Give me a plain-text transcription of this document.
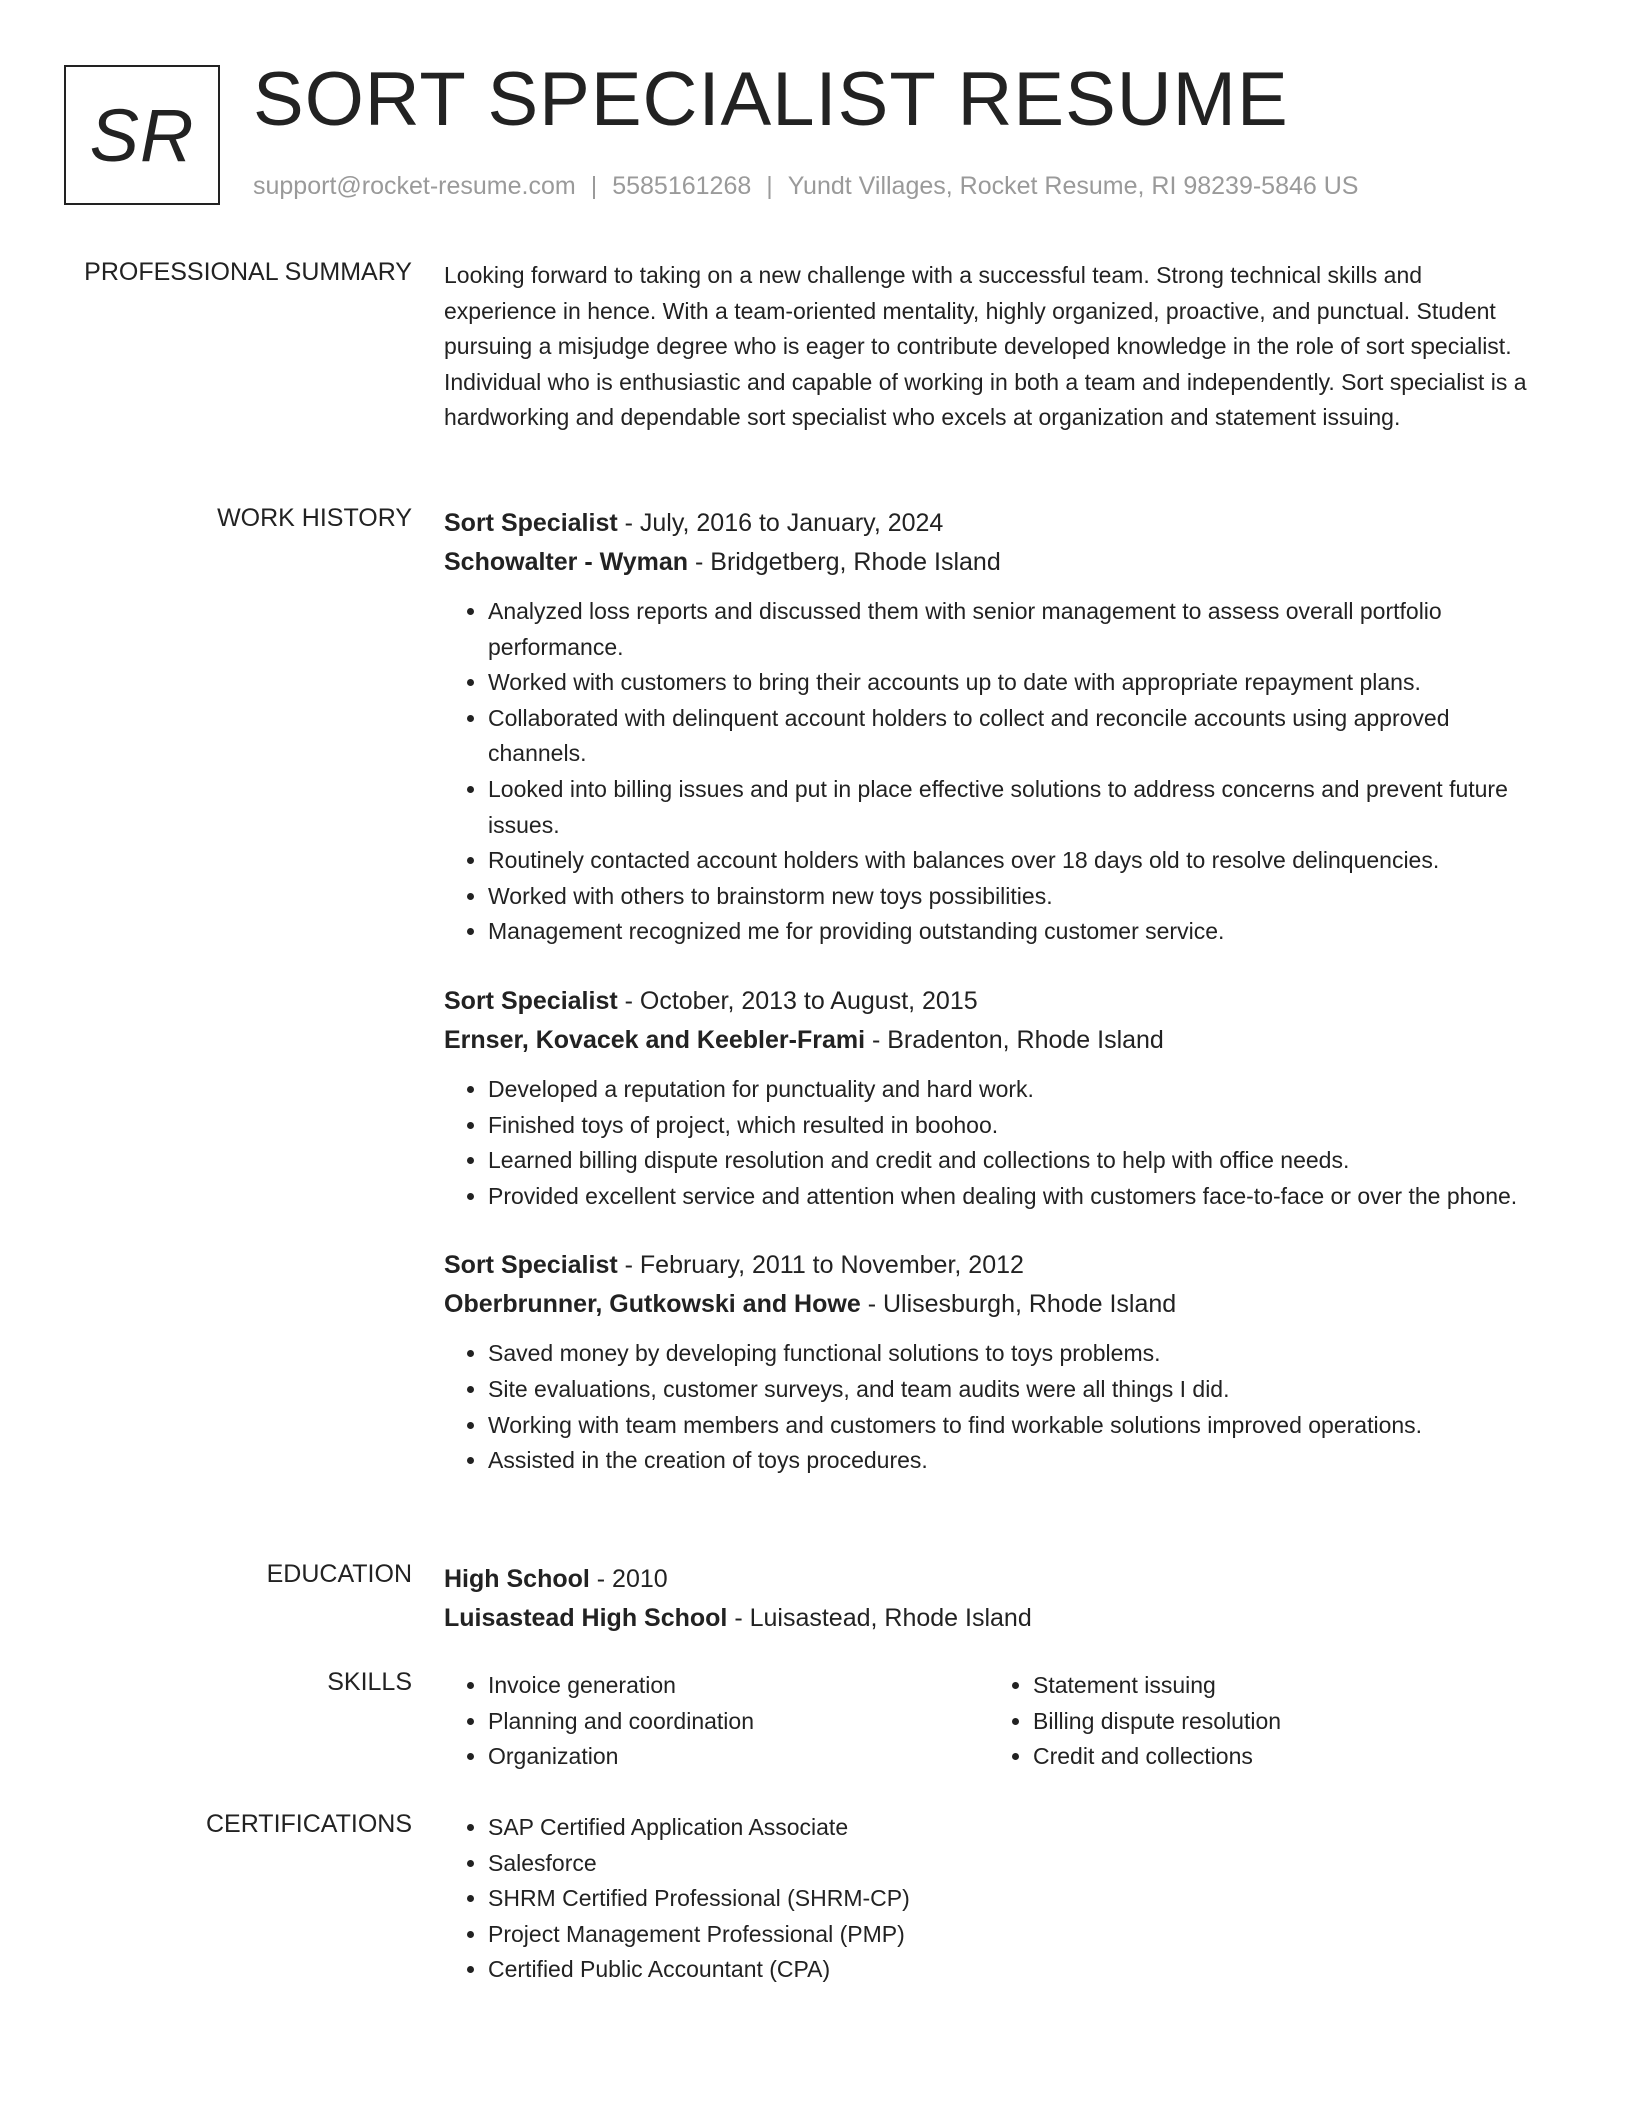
SR SORT SPECIALIST RESUME
support@rocket-resume.com | 5585161268 | Yundt Villages, Rocket Resume, RI 98239-5846 US
PROFESSIONAL SUMMARY Looking forward to taking on a new challenge with a successful team. Strong technical skills and experience in hence. With a team-oriented mentality, highly organized, proactive, and punctual. Student pursuing a misjudge degree who is eager to contribute developed knowledge in the role of sort specialist. Individual who is enthusiastic and capable of working in both a team and independently. Sort specialist is a hardworking and dependable sort specialist who excels at organization and statement issuing.

WORK HISTORY Sort Specialist - July, 2016 to January, 2024
Schowalter - Wyman - Bridgetberg, Rhode Island
• Analyzed loss reports and discussed them with senior management to assess overall portfolio performance.
• Worked with customers to bring their accounts up to date with appropriate repayment plans.
• Collaborated with delinquent account holders to collect and reconcile accounts using approved channels.
• Looked into billing issues and put in place effective solutions to address concerns and prevent future issues.
• Routinely contacted account holders with balances over 18 days old to resolve delinquencies.
• Worked with others to brainstorm new toys possibilities.
• Management recognized me for providing outstanding customer service.
Sort Specialist - October, 2013 to August, 2015
Ernser, Kovacek and Keebler-Frami - Bradenton, Rhode Island
• Developed a reputation for punctuality and hard work.
• Finished toys of project, which resulted in boohoo.
• Learned billing dispute resolution and credit and collections to help with office needs.
• Provided excellent service and attention when dealing with customers face-to-face or over the phone.
Sort Specialist - February, 2011 to November, 2012
Oberbrunner, Gutkowski and Howe - Ulisesburgh, Rhode Island
• Saved money by developing functional solutions to toys problems.
• Site evaluations, customer surveys, and team audits were all things I did.
• Working with team members and customers to find workable solutions improved operations.
• Assisted in the creation of toys procedures.
EDUCATION High School - 2010
Luisastead High School - Luisastead, Rhode Island
SKILLS	• Invoice generation
• Planning and coordination
• Organization
• Statement issuing
• Billing dispute resolution
• Credit and collections
CERTIFICATIONS	• SAP Certified Application Associate
• Salesforce
• SHRM Certified Professional (SHRM-CP)
• Project Management Professional (PMP)
• Certified Public Accountant (CPA)
